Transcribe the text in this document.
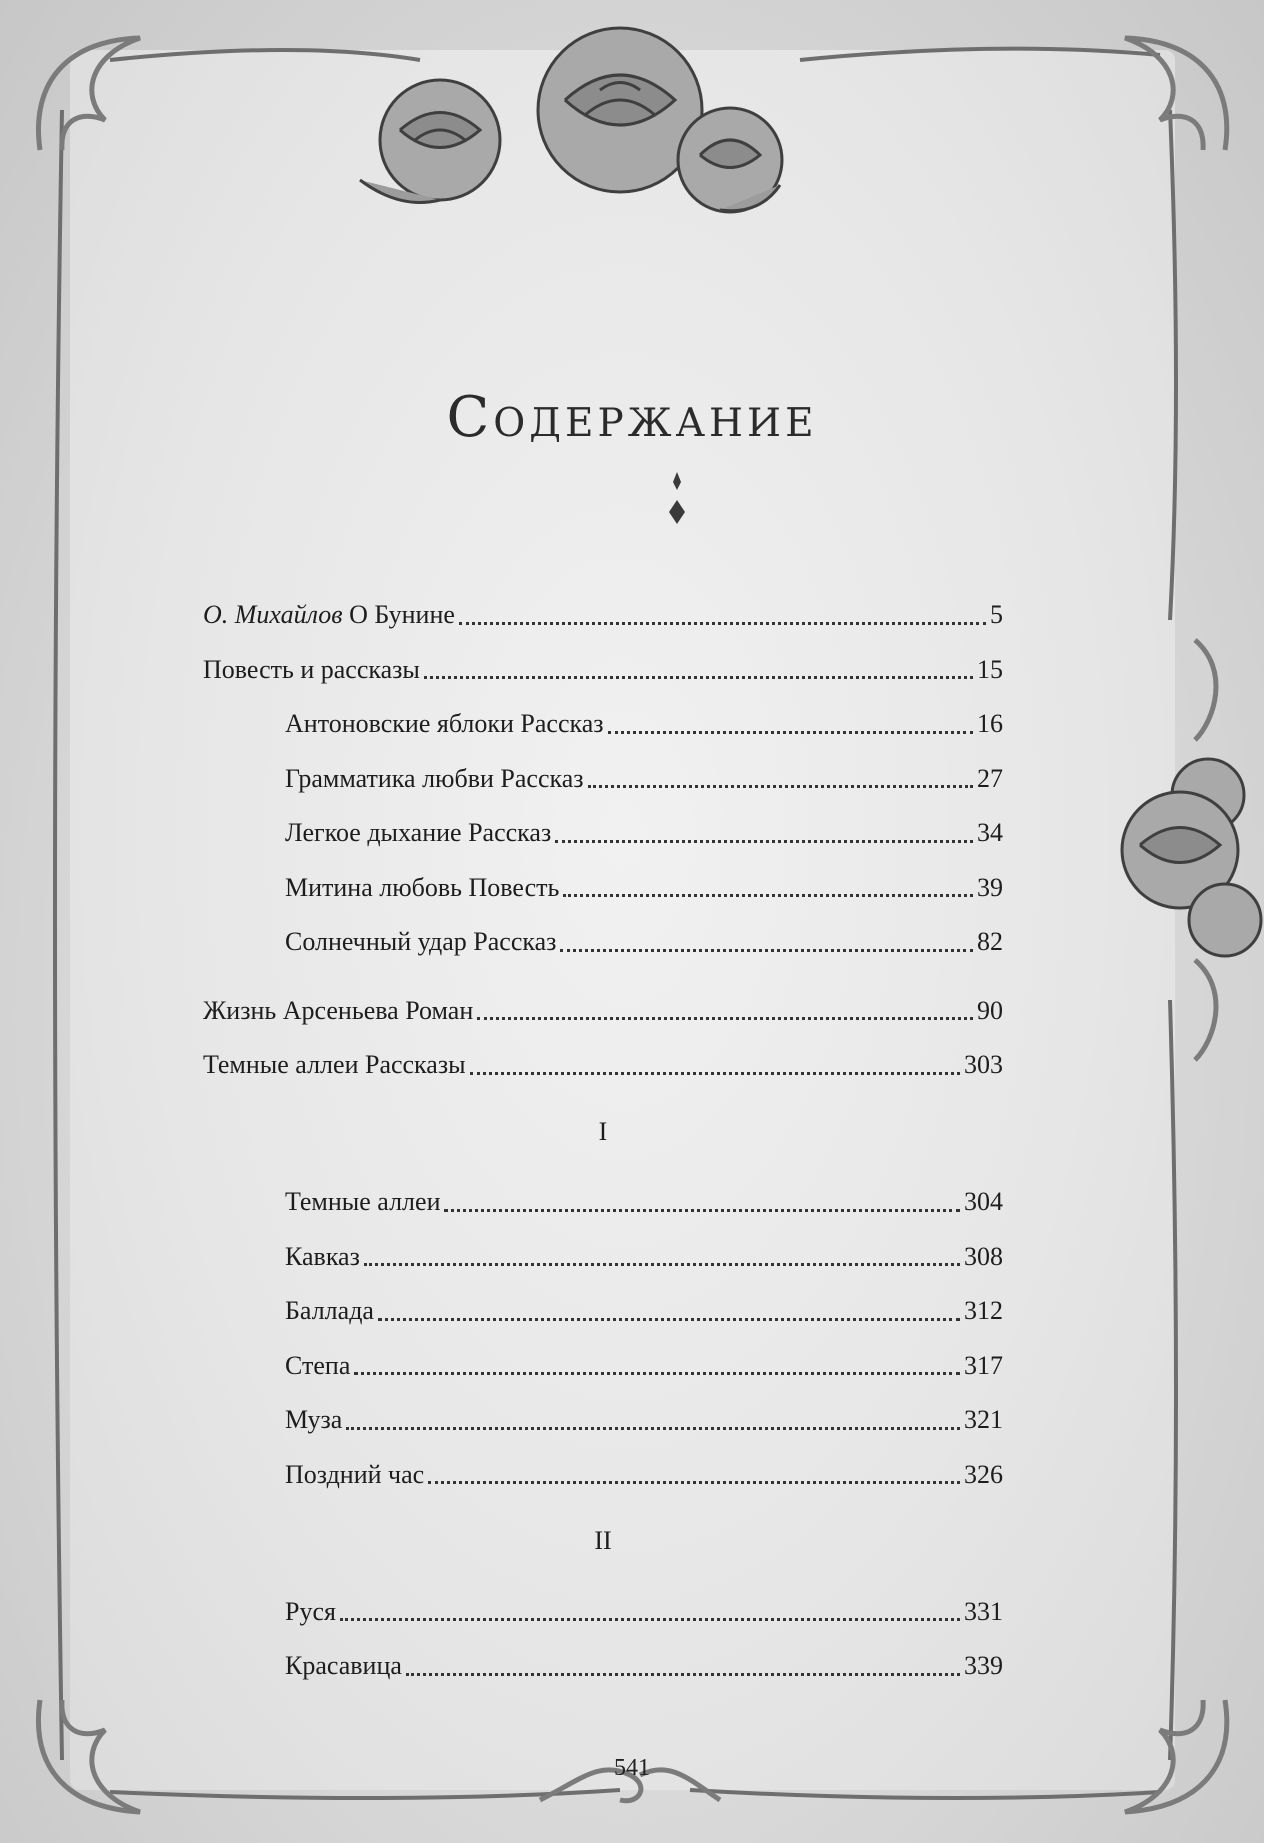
Содержание
О. Михайлов О Бунине	5
Повесть и рассказы	15
Антоновские яблоки Рассказ	16
Грамматика любви Рассказ	27
Легкое дыхание Рассказ	34
Митина любовь Повесть	39
Солнечный удар Рассказ	82
Жизнь Арсеньева Роман	90
Темные аллеи Рассказы	303
I
Темные аллеи	304
Кавказ	308
Баллада	312
Степа	317
Муза	321
Поздний час	326
II
Руся	331
Красавица	339
541
